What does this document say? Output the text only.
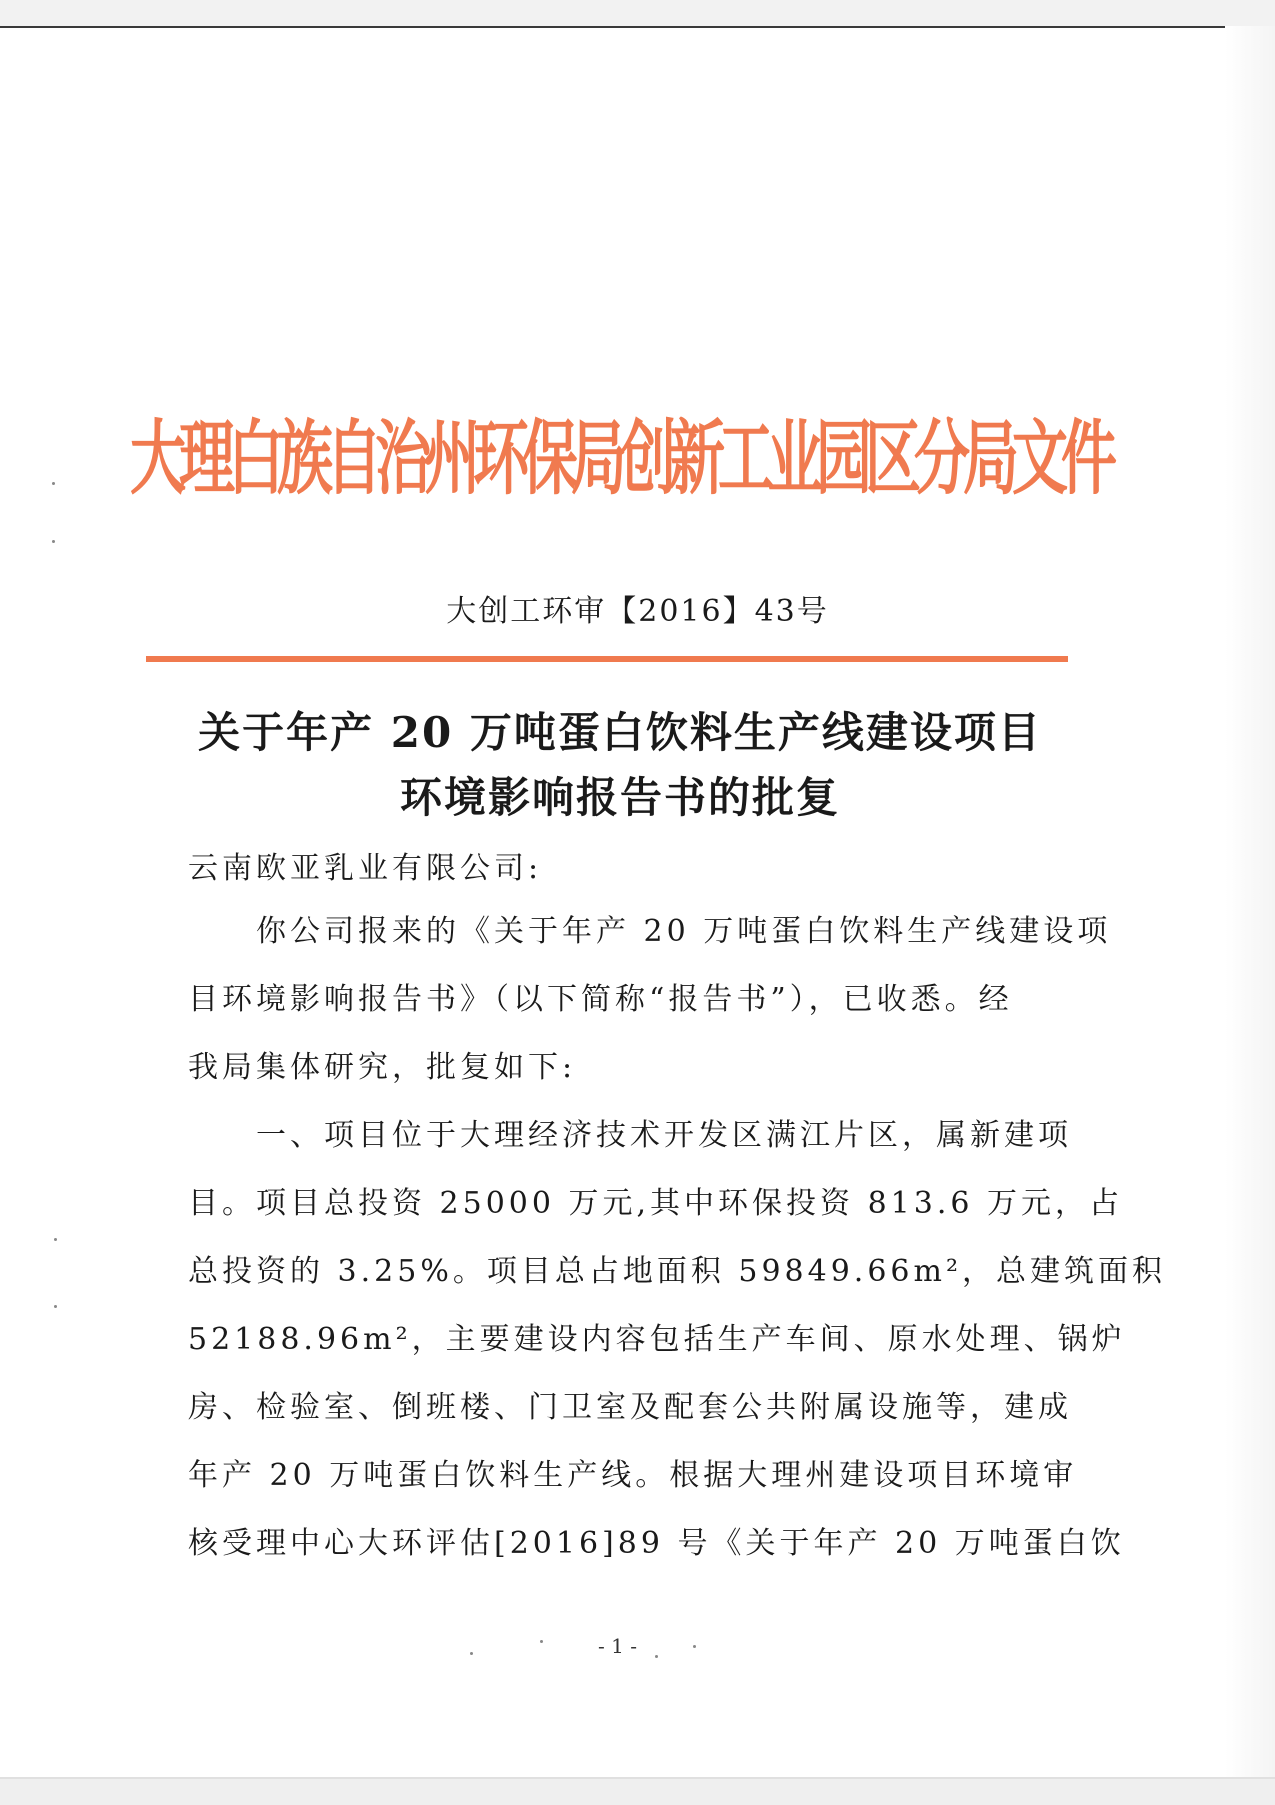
大理白族自治州环保局创新工业园区分局文件
大创工环审【2016】43号
关于年产 20 万吨蛋白饮料生产线建设项目
环境影响报告书的批复
云南欧亚乳业有限公司:
　　你公司报来的《关于年产 20 万吨蛋白饮料生产线建设项
目环境影响报告书》（以下简称“报告书”），已收悉。经
我局集体研究，批复如下:
　　一、项目位于大理经济技术开发区满江片区，属新建项
目。项目总投资 25000 万元,其中环保投资 813.6 万元，占
总投资的 3.25%。项目总占地面积 59849.66m²，总建筑面积
52188.96m²，主要建设内容包括生产车间、原水处理、锅炉
房、检验室、倒班楼、门卫室及配套公共附属设施等，建成
年产 20 万吨蛋白饮料生产线。根据大理州建设项目环境审
核受理中心大环评估[2016]89 号《关于年产 20 万吨蛋白饮
- 1 -
